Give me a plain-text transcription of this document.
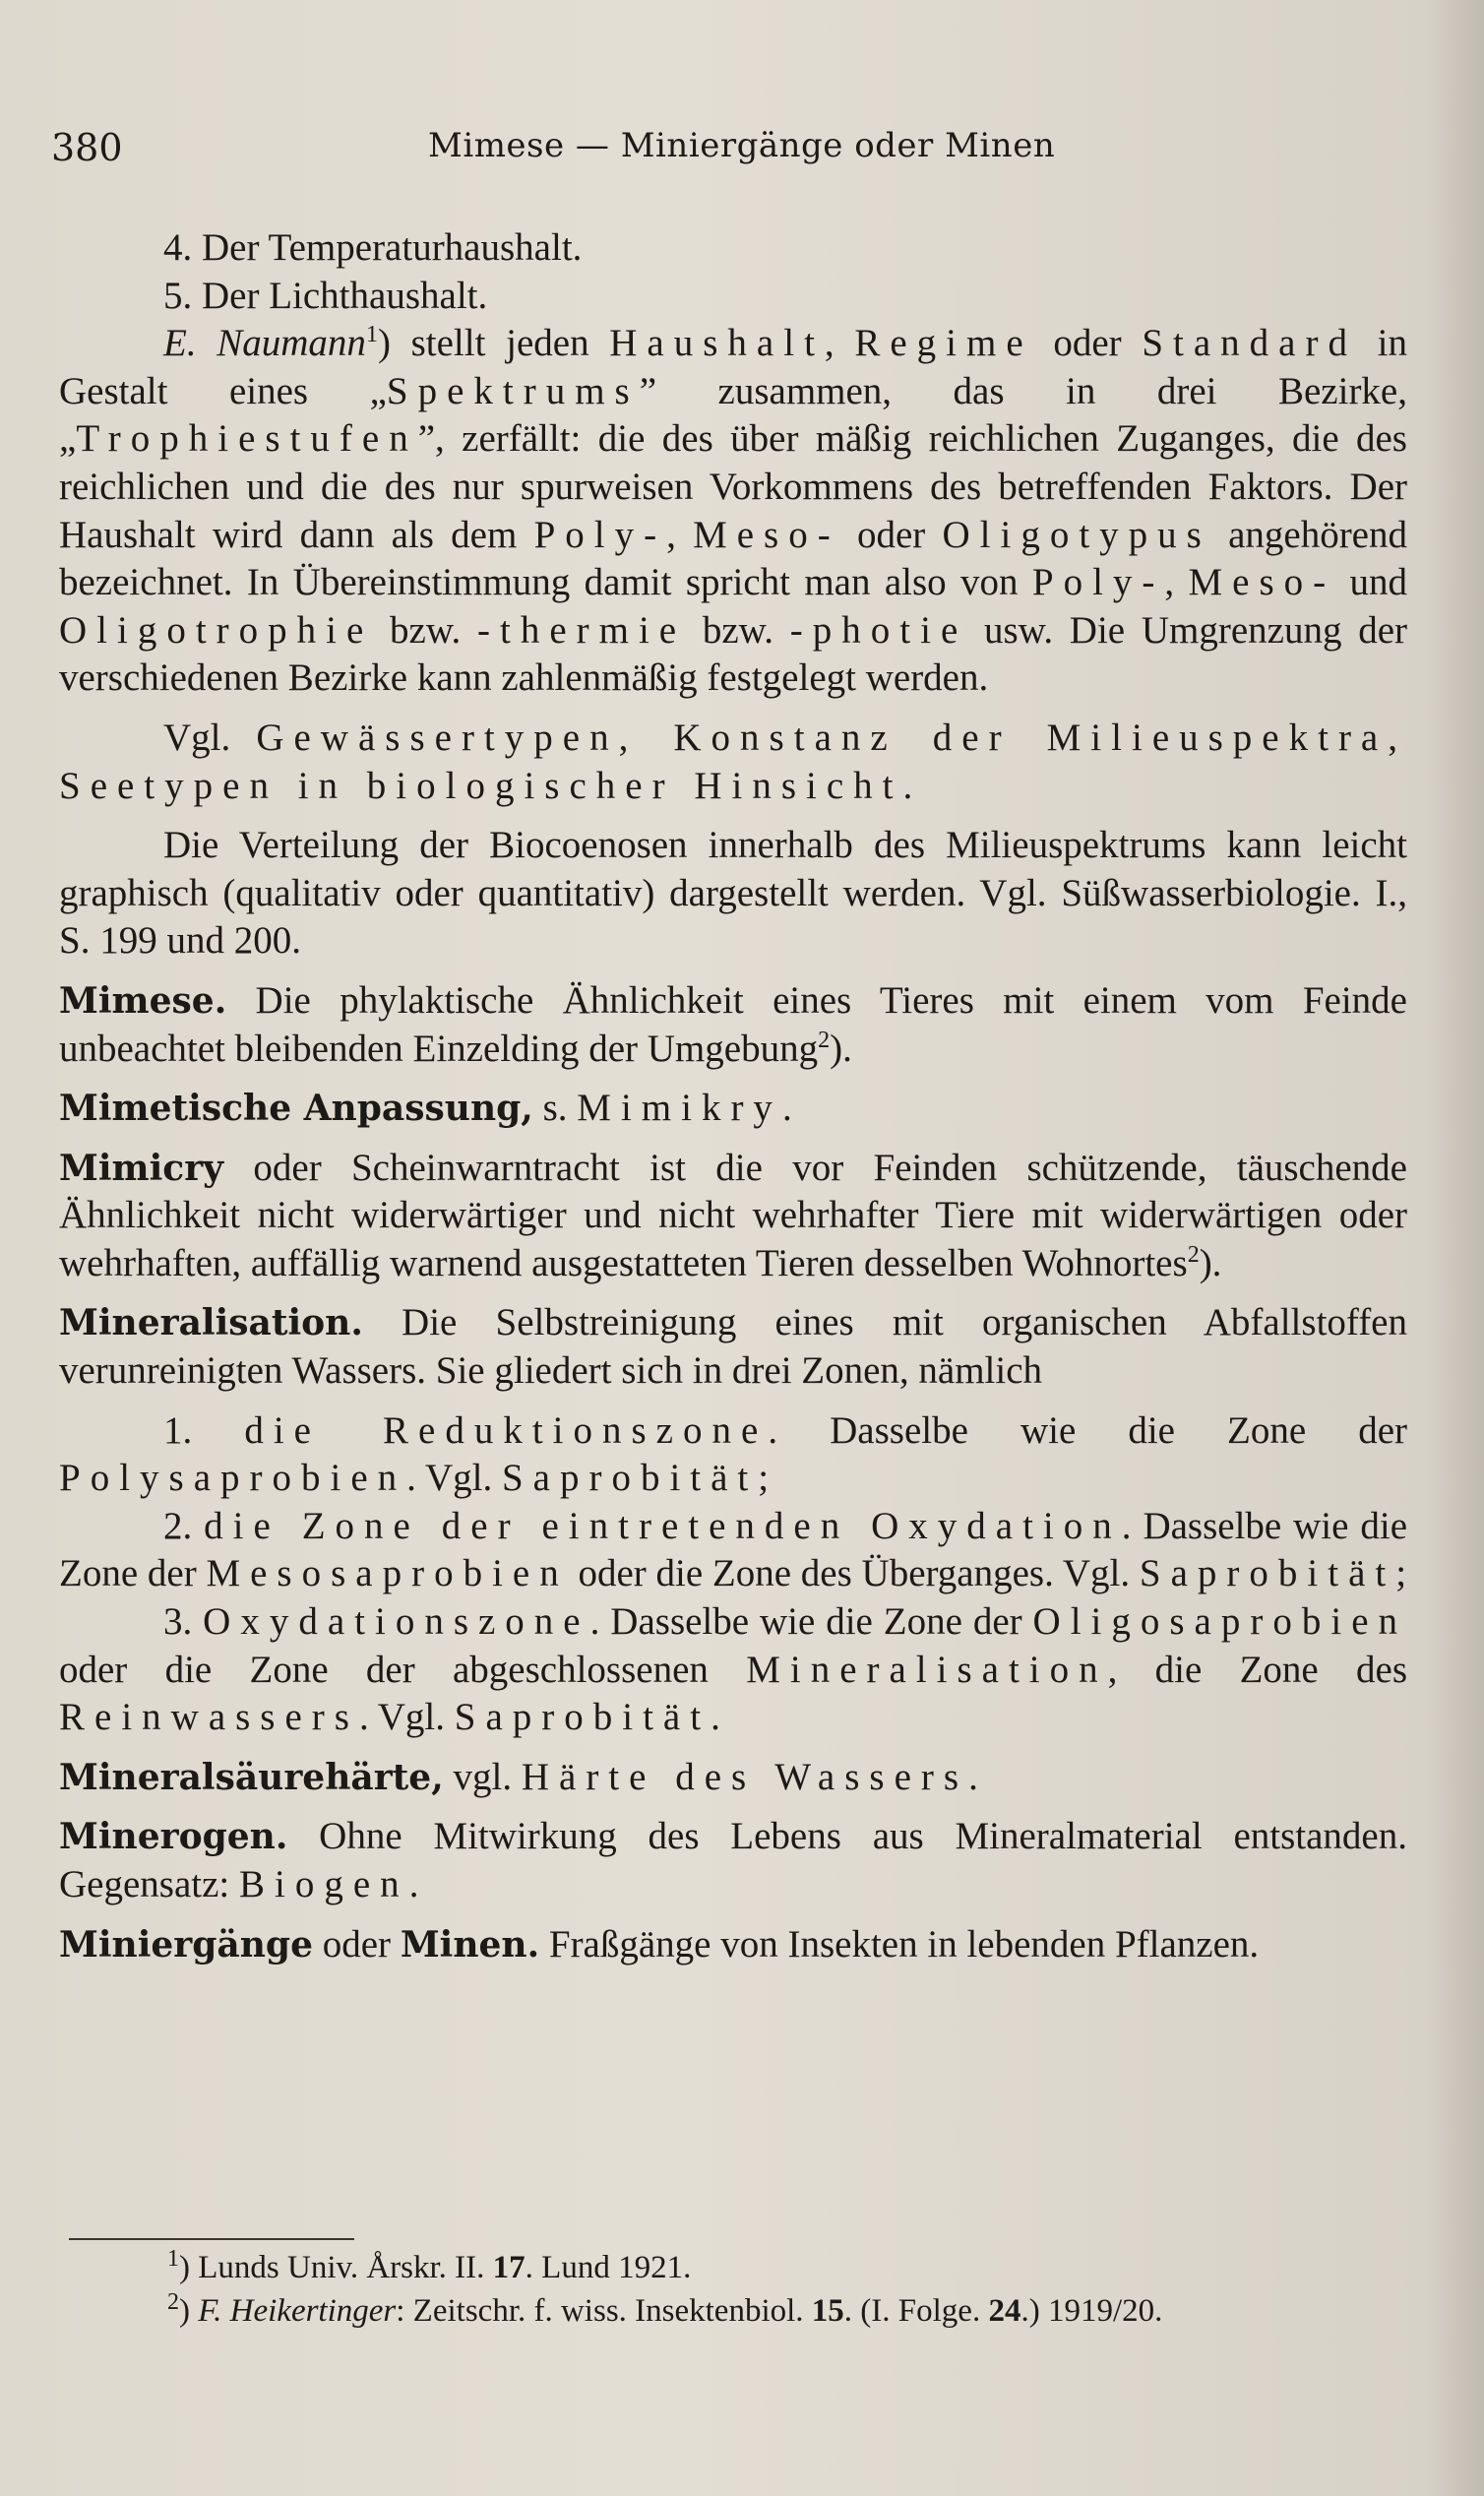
380	Mimese — Miniergänge oder Minen

4. Der Temperaturhaushalt.

5. Der Lichthaushalt.

E. Naumann$^1$) stellt jeden Haushalt, Regime oder Standard in Gestalt eines „Spektrums” zusammen, das in drei Bezirke, „Trophiestufen”, zerfällt: die des über mäßig reichlichen Zuganges, die des reichlichen und die des nur spurweisen Vorkommens des betreffenden Faktors. Der Haushalt wird dann als dem Poly-, Meso- oder Oligotypus angehörend bezeichnet. In Übereinstimmung damit spricht man also von Poly-, Meso- und Oligotrophie bzw. -thermie bzw. -photie usw. Die Umgrenzung der verschiedenen Bezirke kann zahlenmäßig festgelegt werden.

Vgl. Gewässertypen, Konstanz der Milieuspektra, Seetypen in biologischer Hinsicht.

Die Verteilung der Biocoenosen innerhalb des Milieuspektrums kann leicht graphisch (qualitativ oder quantitativ) dargestellt werden. Vgl. Süßwasserbiologie. I., S. 199 und 200.

Mimese. Die phylaktische Ähnlichkeit eines Tieres mit einem vom Feinde unbeachtet bleibenden Einzelding der Umgebung$^2$).

Mimetische Anpassung, s. Mimikry.

Mimicry oder Scheinwarntracht ist die vor Feinden schützende, täuschende Ähnlichkeit nicht widerwärtiger und nicht wehrhafter Tiere mit widerwärtigen oder wehrhaften, auffällig warnend ausgestatteten Tieren desselben Wohnortes$^2$).

Mineralisation. Die Selbstreinigung eines mit organischen Abfallstoffen verunreinigten Wassers. Sie gliedert sich in drei Zonen, nämlich

1. die Reduktionszone. Dasselbe wie die Zone der Polysaprobien. Vgl. Saprobität;

2. die Zone der eintretenden Oxydation. Dasselbe wie die Zone der Mesosaprobien oder die Zone des Überganges. Vgl. Saprobität;

3. Oxydationszone. Dasselbe wie die Zone der Oligosaprobien oder die Zone der abgeschlossenen Mineralisation, die Zone des Reinwassers. Vgl. Saprobität.

Mineralsäurehärte, vgl. Härte des Wassers.

Minerogen. Ohne Mitwirkung des Lebens aus Mineralmaterial entstanden. Gegensatz: Biogen.

Miniergänge oder Minen. Fraßgänge von Insekten in lebenden Pflanzen.

$^1$) Lunds Univ. Årskr. II. 17. Lund 1921.

$^2$) F. Heikertinger: Zeitschr. f. wiss. Insektenbiol. 15. (I. Folge. 24.) 1919/20.
